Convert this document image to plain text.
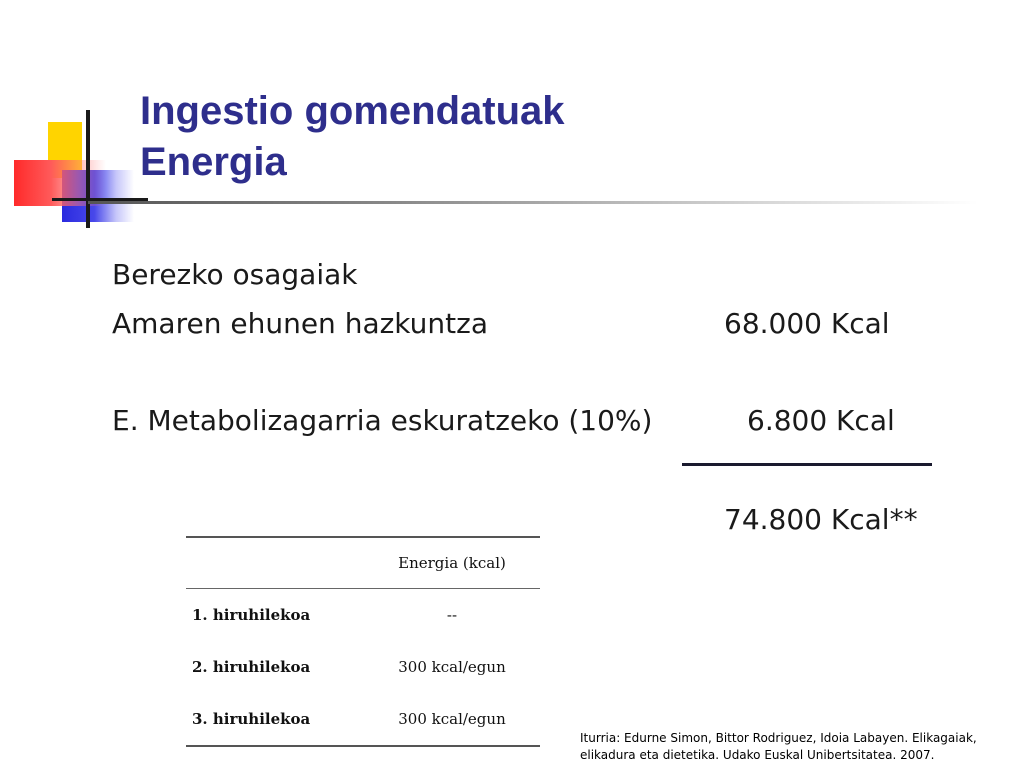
Ingestio gomendatuak
Energia
Berezko osagaiak
Amaren ehunen hazkuntza	68.000 Kcal
E. Metabolizagarria eskuratzeko (10%)	6.800 Kcal
74.800 Kcal**
Energia (kcal)
1. hiruhilekoa	--
2. hiruhilekoa	300 kcal/egun
3. hiruhilekoa	300 kcal/egun
Iturria: Edurne Simon, Bittor Rodriguez, Idoia Labayen. Elikagaiak,
elikadura eta dietetika. Udako Euskal Unibertsitatea. 2007.
